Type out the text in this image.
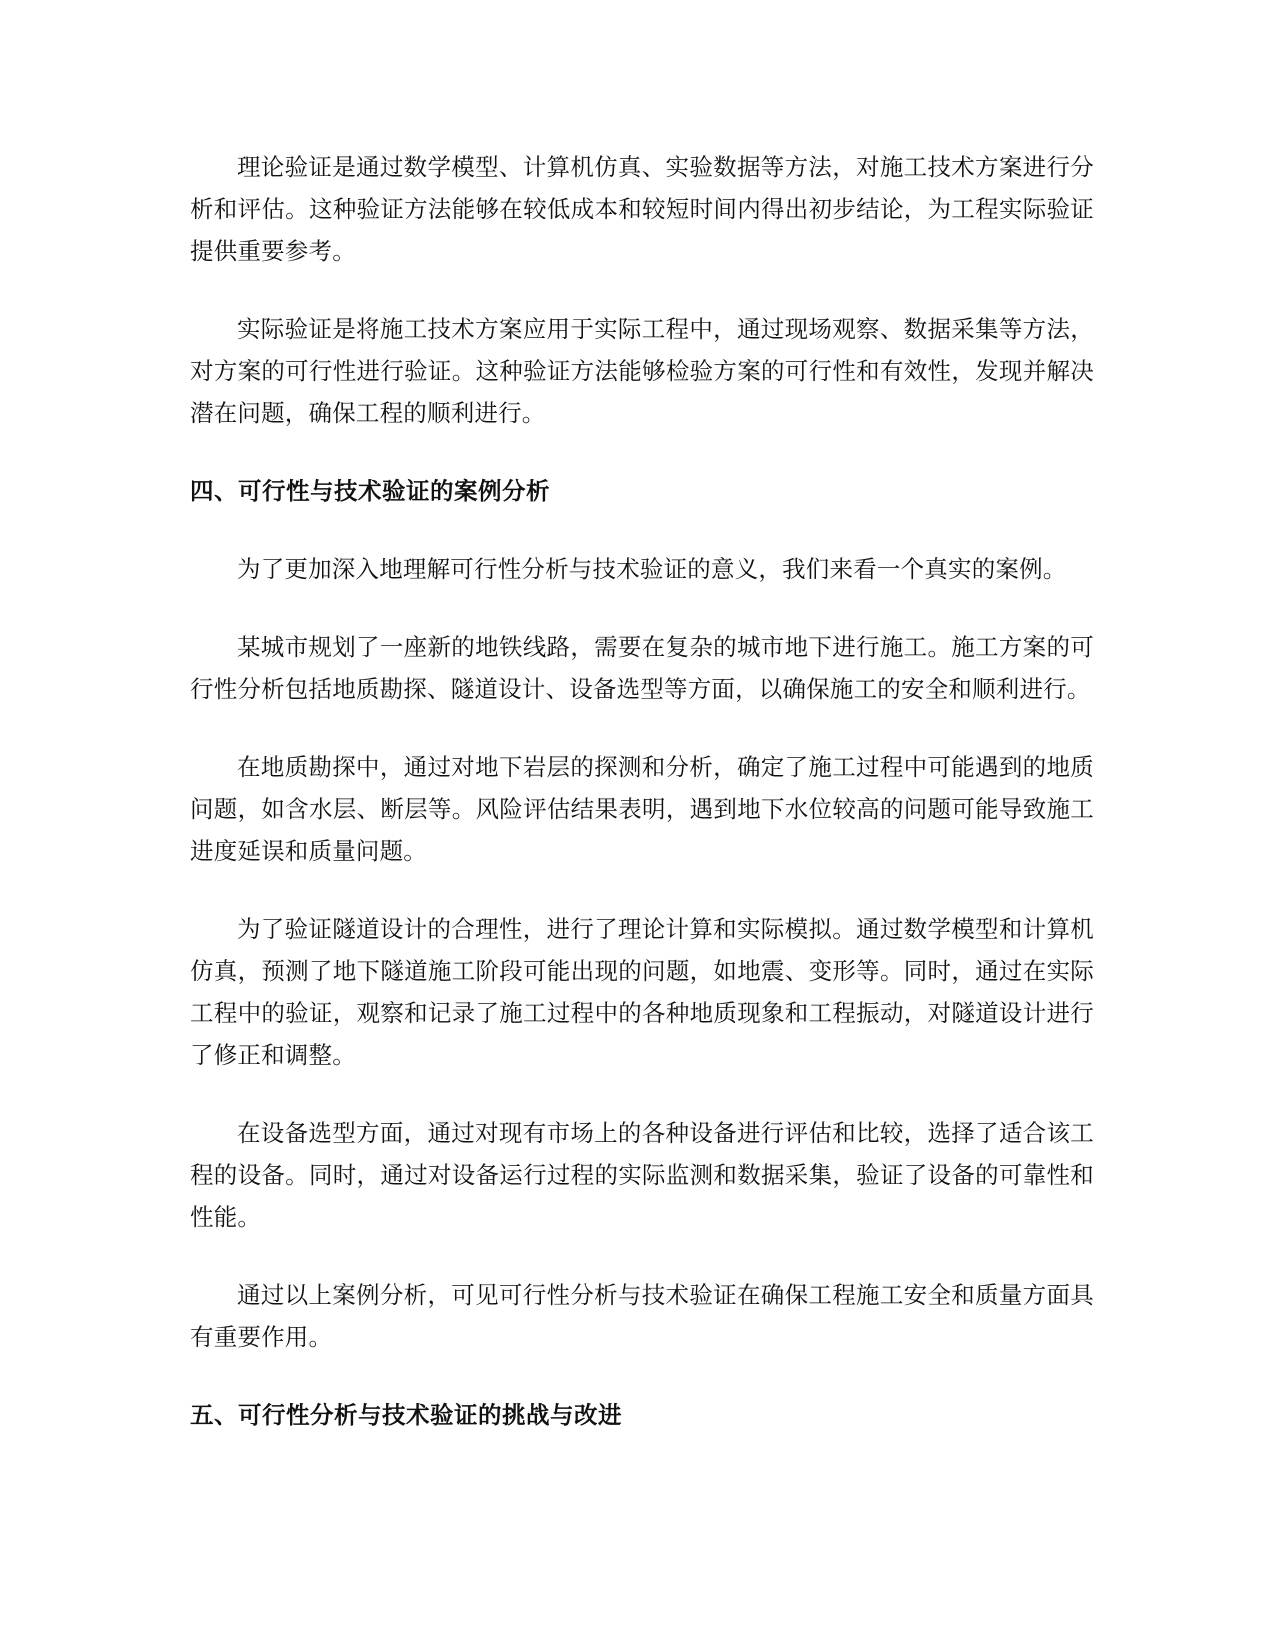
理论验证是通过数学模型、计算机仿真、实验数据等方法，对施工技术方案进行分析和评估。这种验证方法能够在较低成本和较短时间内得出初步结论，为工程实际验证提供重要参考。

实际验证是将施工技术方案应用于实际工程中，通过现场观察、数据采集等方法，对方案的可行性进行验证。这种验证方法能够检验方案的可行性和有效性，发现并解决潜在问题，确保工程的顺利进行。

四、可行性与技术验证的案例分析

为了更加深入地理解可行性分析与技术验证的意义，我们来看一个真实的案例。

某城市规划了一座新的地铁线路，需要在复杂的城市地下进行施工。施工方案的可行性分析包括地质勘探、隧道设计、设备选型等方面，以确保施工的安全和顺利进行。

在地质勘探中，通过对地下岩层的探测和分析，确定了施工过程中可能遇到的地质问题，如含水层、断层等。风险评估结果表明，遇到地下水位较高的问题可能导致施工进度延误和质量问题。

为了验证隧道设计的合理性，进行了理论计算和实际模拟。通过数学模型和计算机仿真，预测了地下隧道施工阶段可能出现的问题，如地震、变形等。同时，通过在实际工程中的验证，观察和记录了施工过程中的各种地质现象和工程振动，对隧道设计进行了修正和调整。

在设备选型方面，通过对现有市场上的各种设备进行评估和比较，选择了适合该工程的设备。同时，通过对设备运行过程的实际监测和数据采集，验证了设备的可靠性和性能。

通过以上案例分析，可见可行性分析与技术验证在确保工程施工安全和质量方面具有重要作用。

五、可行性分析与技术验证的挑战与改进
